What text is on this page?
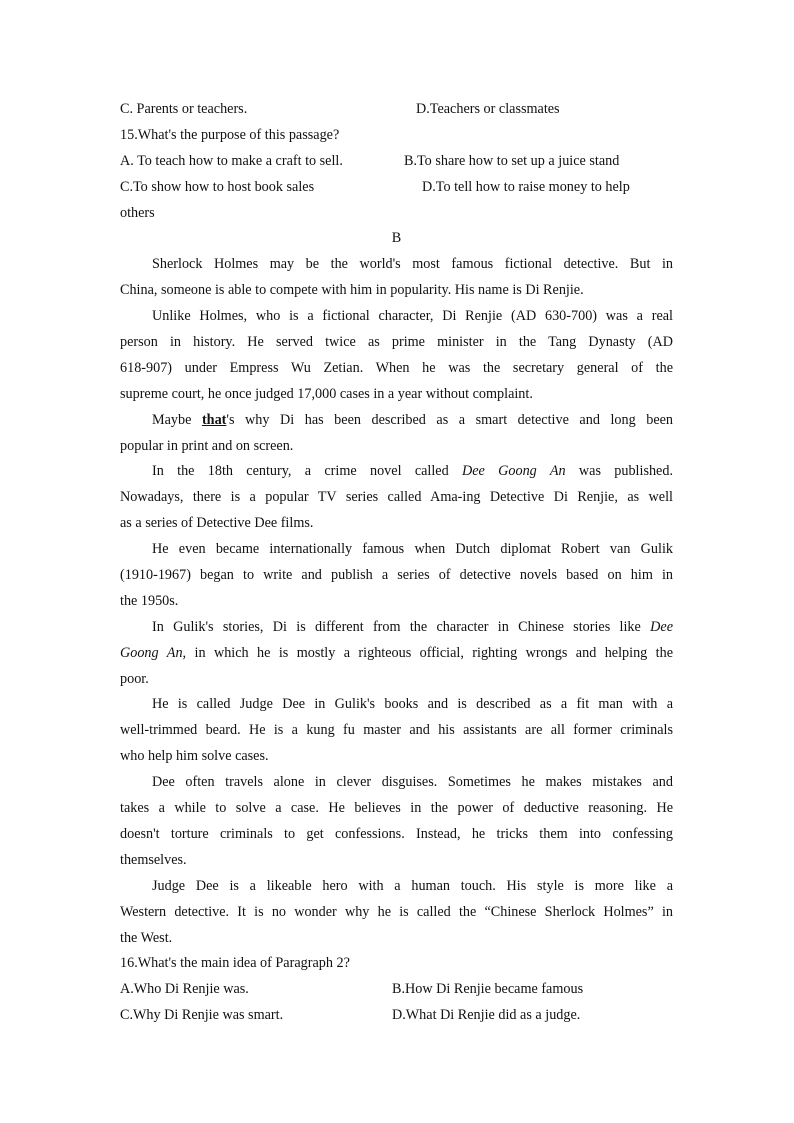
C. Parents or teachers.	D.Teachers or classmates
15.What's the purpose of this passage?
A. To teach how to make a craft to sell.	B.To share how to set up a juice stand
C.To show how to host book sales	D.To tell how to raise money to help
others
B
Sherlock Holmes may be the world's most famous fictional detective. But in
China, someone is able to compete with him in popularity. His name is Di Renjie.
Unlike Holmes, who is a fictional character, Di Renjie (AD 630-700) was a real
person in history. He served twice as prime minister in the Tang Dynasty (AD
618-907) under Empress Wu Zetian. When he was the secretary general of the
supreme court, he once judged 17,000 cases in a year without complaint.
Maybe that's why Di has been described as a smart detective and long been
popular in print and on screen.
In the 18th century, a crime novel called Dee Goong An was published.
Nowadays, there is a popular TV series called Ama-ing Detective Di Renjie, as well
as a series of Detective Dee films.
He even became internationally famous when Dutch diplomat Robert van Gulik
(1910-1967) began to write and publish a series of detective novels based on him in
the 1950s.
In Gulik's stories, Di is different from the character in Chinese stories like Dee
Goong An, in which he is mostly a righteous official, righting wrongs and helping the
poor.
He is called Judge Dee in Gulik's books and is described as a fit man with a
well-trimmed beard. He is a kung fu master and his assistants are all former criminals
who help him solve cases.
Dee often travels alone in clever disguises. Sometimes he makes mistakes and
takes a while to solve a case. He believes in the power of deductive reasoning. He
doesn't torture criminals to get confessions. Instead, he tricks them into confessing
themselves.
Judge Dee is a likeable hero with a human touch. His style is more like a
Western detective. It is no wonder why he is called the “Chinese Sherlock Holmes” in
the West.
16.What's the main idea of Paragraph 2?
A.Who Di Renjie was.	B.How Di Renjie became famous
C.Why Di Renjie was smart.	D.What Di Renjie did as a judge.
